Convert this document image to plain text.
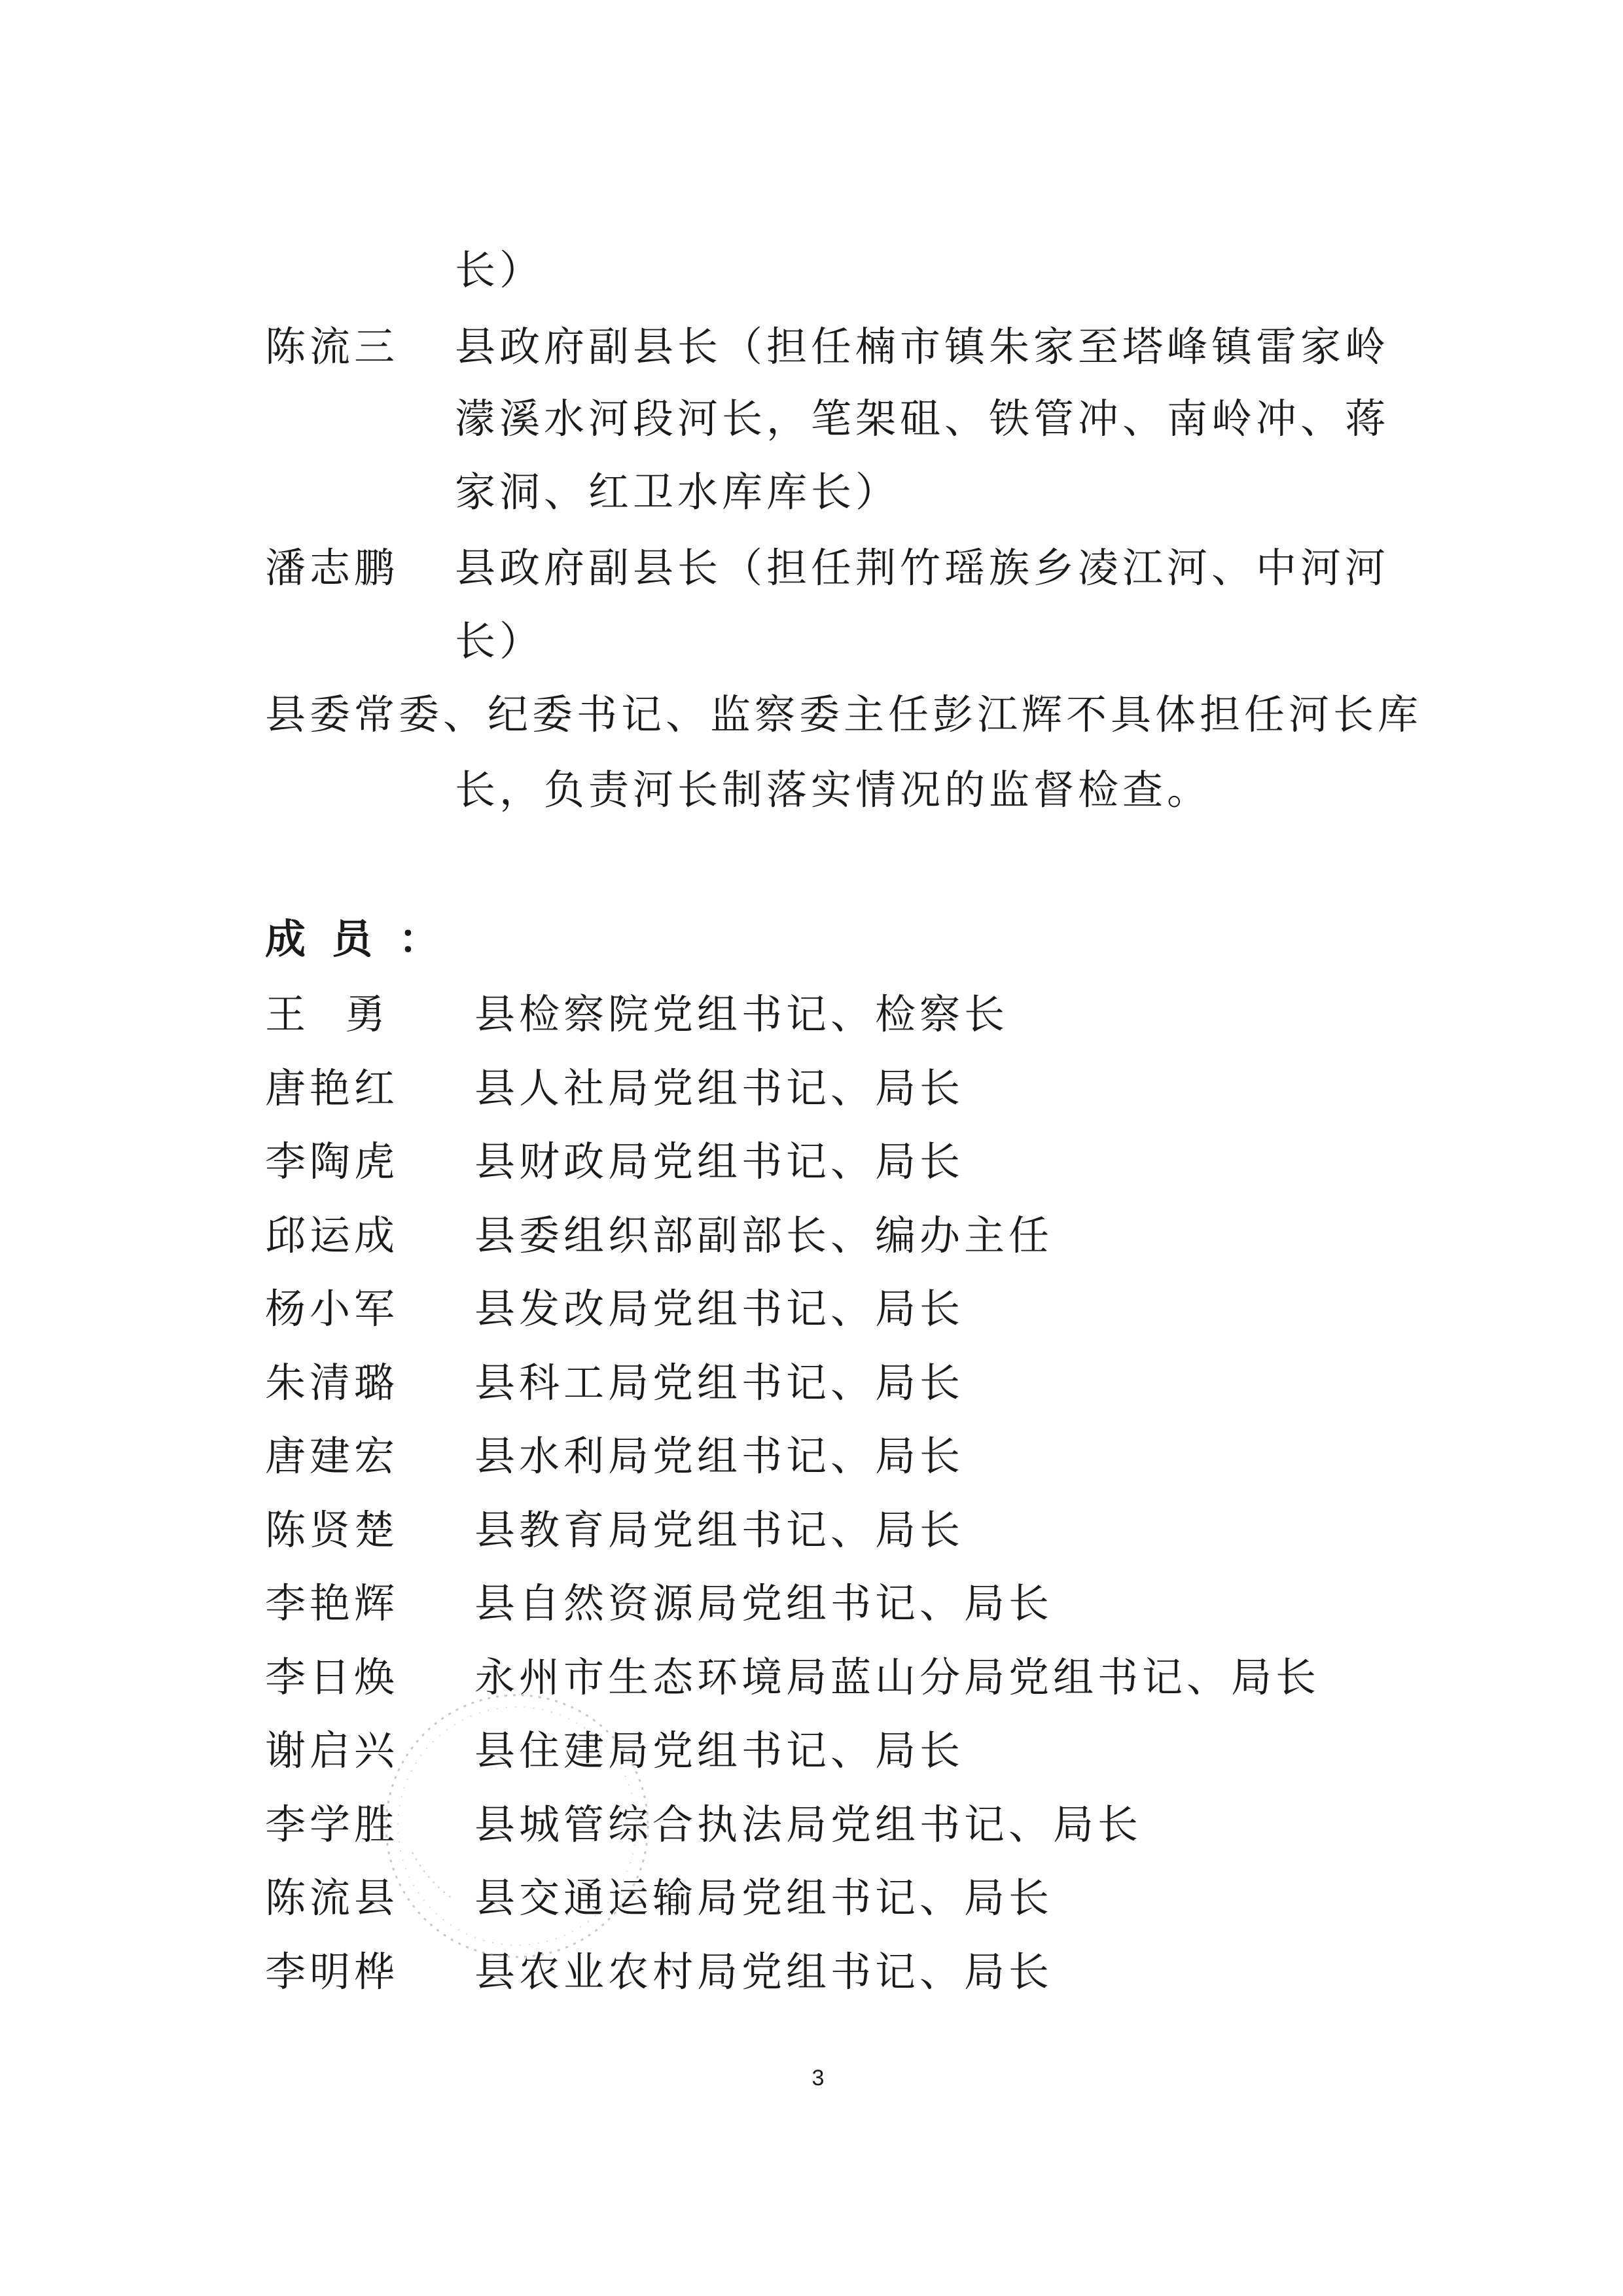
长）
陈流三 县政府副县长（担任楠市镇朱家至塔峰镇雷家岭
濛溪水河段河长，笔架砠、铁管冲、南岭冲、蒋
家洞、红卫水库库长）
潘志鹏 县政府副县长（担任荆竹瑶族乡凌江河、中河河
长）
县委常委、纪委书记、监察委主任彭江辉不具体担任河长库
长，负责河长制落实情况的监督检查。
成员：
王勇 县检察院党组书记、检察长
唐艳红 县人社局党组书记、局长
李陶虎 县财政局党组书记、局长
邱运成 县委组织部副部长、编办主任
杨小军 县发改局党组书记、局长
朱清璐 县科工局党组书记、局长
唐建宏 县水利局党组书记、局长
陈贤楚 县教育局党组书记、局长
李艳辉 县自然资源局党组书记、局长
李日焕 永州市生态环境局蓝山分局党组书记、局长
谢启兴 县住建局党组书记、局长
李学胜 县城管综合执法局党组书记、局长
陈流县 县交通运输局党组书记、局长
李明桦 县农业农村局党组书记、局长
3
